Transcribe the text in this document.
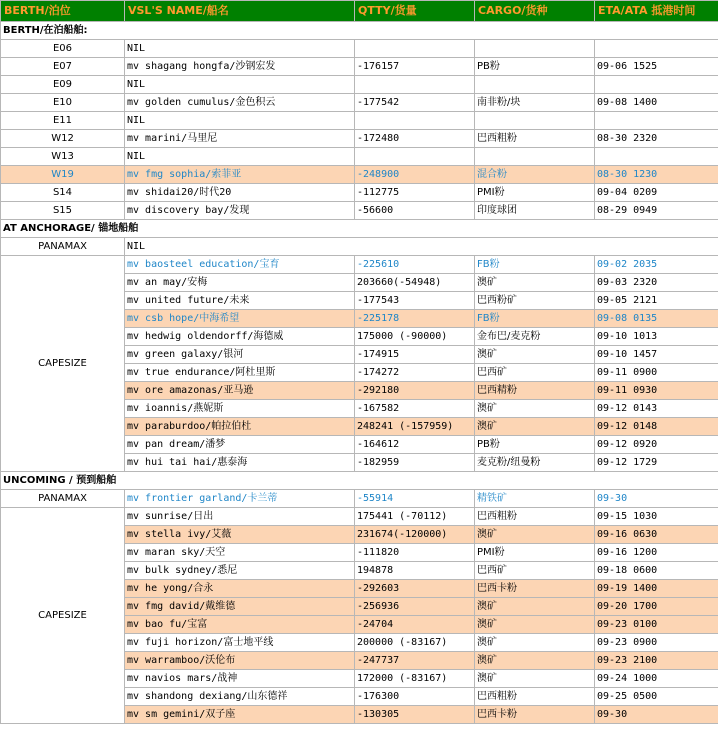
BERTH/泊位	VSL'S NAME/船名	QTTY/货量	CARGO/货种	ETA/ATA 抵港时间
BERTH/在泊船舶:				
E06	NIL			
E07	mv shagang hongfa/沙钢宏发	-176157	PB粉	09-06 1525
E09	NIL			
E10	mv golden cumulus/金色积云	-177542	南非粉/块	09-08 1400
E11	NIL			
W12	mv marini/马里尼	-172480	巴西粗粉	08-30 2320
W13	NIL			
W19	mv fmg sophia/索菲亚	-248900	混合粉	08-30 1230
S14	mv shidai20/时代20	-112775	PMI粉	09-04 0209
S15	mv discovery bay/发现	-56600	印度球团	08-29 0949
AT ANCHORAGE/ 锚地船舶				
PANAMAX	NIL			
CAPESIZE	mv baosteel education/宝育	-225610	FB粉	09-02 2035
	mv an may/安梅	203660(-54948)	澳矿	09-03 2320
	mv united future/未来	-177543	巴西粉矿	09-05 2121
	mv csb hope/中海希望	-225178	FB粉	09-08 0135
	mv hedwig oldendorff/海德威	175000 (-90000)	金布巴/麦克粉	09-10 1013
	mv green galaxy/银河	-174915	澳矿	09-10 1457
	mv true endurance/阿杜里斯	-174272	巴西矿	09-11 0900
	mv ore amazonas/亚马逊	-292180	巴西精粉	09-11 0930
	mv ioannis/燕妮斯	-167582	澳矿	09-12 0143
	mv paraburdoo/帕拉伯杜	248241 (-157959)	澳矿	09-12 0148
	mv pan dream/潘梦	-164612	PB粉	09-12 0920
	mv hui tai hai/惠泰海	-182959	麦克粉/纽曼粉	09-12 1729
UNCOMING / 预到船舶				
PANAMAX	mv frontier garland/卡兰蒂	-55914	精铁矿	09-30
CAPESIZE	mv sunrise/日出	175441 (-70112)	巴西粗粉	09-15 1030
	mv stella ivy/艾薇	231674(-120000)	澳矿	09-16 0630
	mv maran sky/天空	-111820	PMI粉	09-16 1200
	mv bulk sydney/悉尼	194878	巴西矿	09-18 0600
	mv he yong/合永	-292603	巴西卡粉	09-19 1400
	mv fmg david/戴维德	-256936	澳矿	09-20 1700
	mv bao fu/宝富	-24704	澳矿	09-23 0100
	mv fuji horizon/富士地平线	200000 (-83167)	澳矿	09-23 0900
	mv warramboo/沃伦布	-247737	澳矿	09-23 2100
	mv navios mars/战神	172000 (-83167)	澳矿	09-24 1000
	mv shandong dexiang/山东德祥	-176300	巴西粗粉	09-25 0500
	mv sm gemini/双子座	-130305	巴西卡粉	09-30
